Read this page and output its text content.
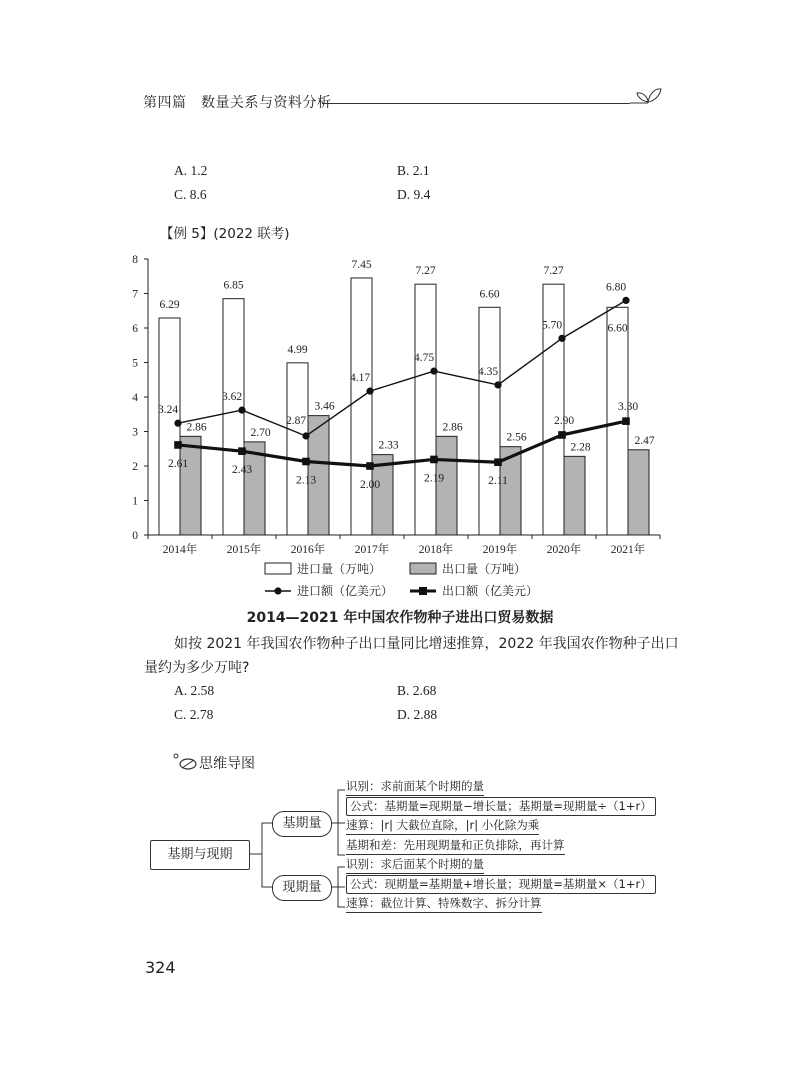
第四篇　数量关系与资料分析
A. 1.2	B. 2.1
C. 8.6	D. 9.4
【例 5】(2022 联考)
0
1
2
3
4
5
6
7
8
2014年	2015年	2016年	2017年	2018年	2019年	2020年	2021年
6.29
6.85
4.99
7.45
7.27
6.60
7.27
6.60
2.86	2.70
3.46
2.33
2.86
2.56
2.28
2.47
3.24
3.62
2.87
4.17
4.75
4.35
5.70
6.80
2.61
2.43
2.13	2.00
2.19	2.11
2.90
3.30
进口量（万吨）	出口量（万吨）
进口额（亿美元）	出口额（亿美元）
2014—2021 年中国农作物种子进出口贸易数据
如按 2021 年我国农作物种子出口量同比增速推算，2022 年我国农作物种子出口
量约为多少万吨?
A. 2.58	B. 2.68
C. 2.78	D. 2.88
思维导图
基期与现期
基期量
现期量
识别：求前面某个时期的量
公式：基期量=现期量−增长量；基期量=现期量÷（1+r）
速算：|r| 大截位直除，|r| 小化除为乘
基期和差：先用现期量和正负排除，再计算
识别：求后面某个时期的量
公式：现期量=基期量+增长量；现期量=基期量×（1+r）
速算：截位计算、特殊数字、拆分计算
324
